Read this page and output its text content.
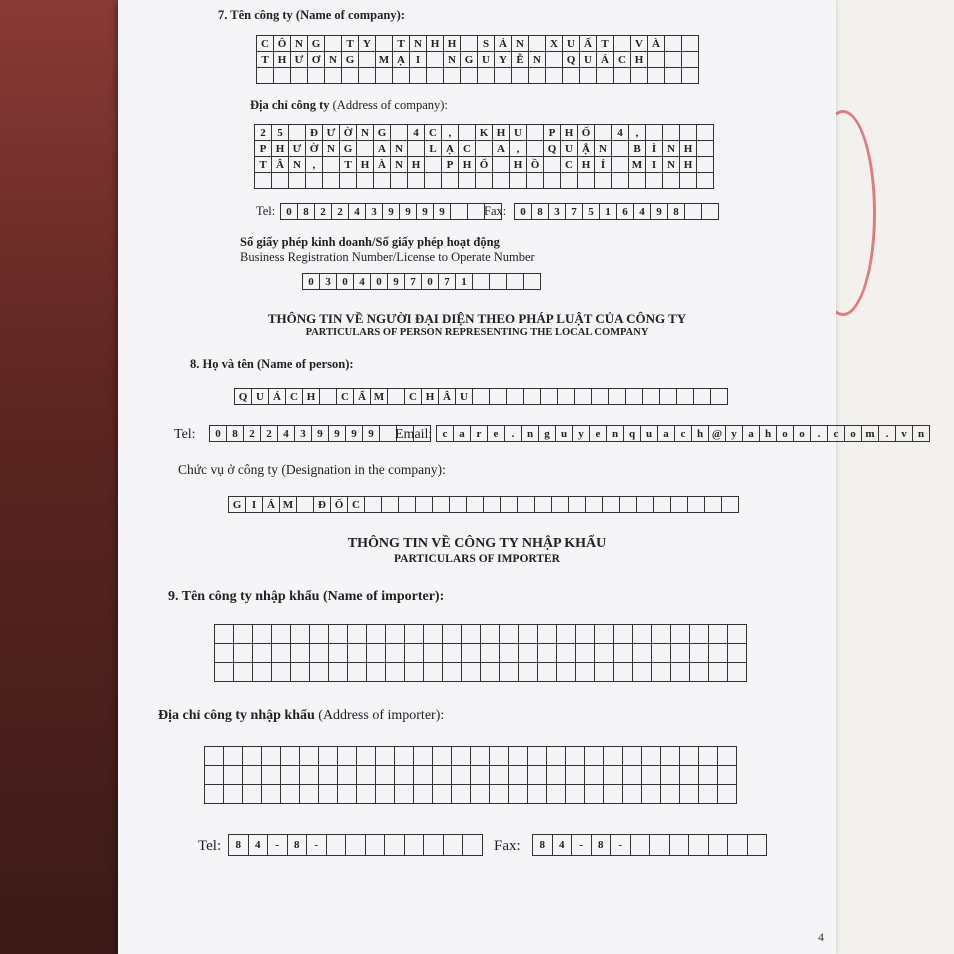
7. Tên công ty (Name of company):
C Ô N G	T Y	T N H H	S Ả N	X U Ấ T	V À
T H Ư Ơ N G	M Ạ I	N G U Y Ễ N	Q U Á C H
Địa chỉ công ty (Address of company):
2	5	Đ Ư Ờ N G	4 C	,	K H U	P H Ố	4	,
P H Ư Ờ N G	A N	L Ạ C	A	,	Q U Ậ N	B	Ì N H
T Â N	,	T H À N H	P H Ố	H Ồ	C H Í	M I N H
Tel: 0	8	2	2	4	3	9	9	9	9	Fax:	0	8	3	7	5	1	6	4	9	8
Số giấy phép kinh doanh/Số giấy phép hoạt động
Business Registration Number/License to Operate Number
0	3	0	4	0	9	7	0	7	1
THÔNG TIN VỀ NGƯỜI ĐẠI DIỆN THEO PHÁP LUẬT CỦA CÔNG TY
PARTICULARS OF PERSON REPRESENTING THE LOCAL COMPANY
8. Họ và tên (Name of person):
Q U Á C H	C Ẩ M	C H Â U
Tel:	0	8	2	2	4	3	9	9	9	9	Email: c	a	r	e	.	n	g	u	y	e	n q u	a	c	h @ y	a	h	o	o	.	c	o m	.	v	n
Chức vụ ở công ty (Designation in the company):
G I Á M	Đ Ố C
THÔNG TIN VỀ CÔNG TY NHẬP KHẨU
PARTICULARS OF IMPORTER
9. Tên công ty nhập khẩu (Name of importer):
Địa chỉ công ty nhập khẩu (Address of importer):
Tel:	8	4	-	8	-	Fax:	8	4	-	8	-
4
